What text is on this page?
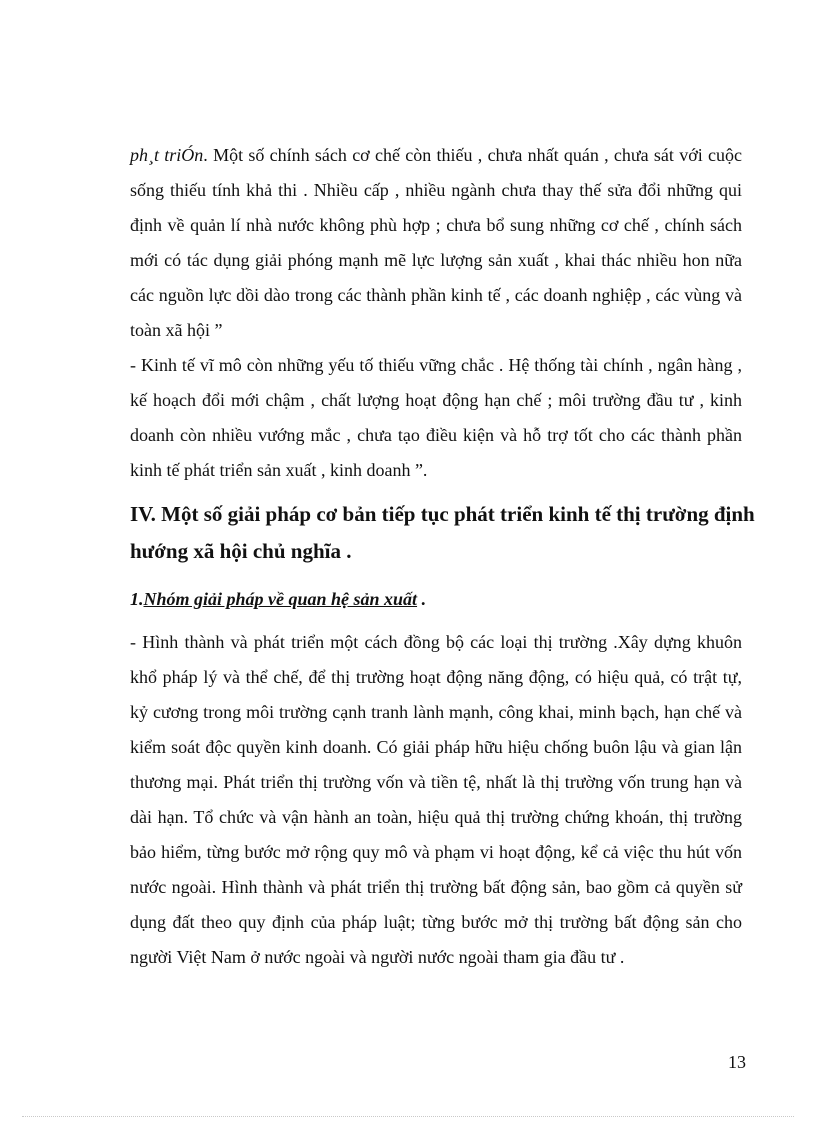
ph¸t triÓn. Một số chính sách cơ chế còn thiếu , chưa nhất quán , chưa sát với cuộc sống thiếu tính khả thi . Nhiều cấp , nhiều ngành chưa thay thế sửa đổi những qui định về quản lí nhà nước không phù hợp ; chưa bổ sung những cơ chế , chính sách mới có tác dụng giải phóng mạnh mẽ lực lượng sản xuất , khai thác nhiều hon nữa các nguồn lực dồi dào trong các thành phần kinh tế , các doanh nghiệp , các vùng và toàn xã hội ”

- Kinh tế vĩ mô còn những yếu tố thiếu vững chắc . Hệ thống tài chính , ngân hàng , kế hoạch đổi mới chậm , chất lượng hoạt động hạn chế ; môi trường đầu tư , kinh doanh còn nhiều vướng mắc , chưa tạo điều kiện và hỗ trợ tốt cho các thành phần kinh tế phát triển sản xuất , kinh doanh ”.

IV. Một số giải pháp cơ bản tiếp tục phát triển kinh tế thị trường định hướng xã hội chủ nghĩa .

1.Nhóm giải pháp về quan hệ sản xuất .

- Hình thành và phát triển một cách đồng bộ các loại thị trường .Xây dựng khuôn khổ pháp lý và thể chế, để thị trường hoạt động năng động, có hiệu quả, có trật tự, kỷ cương trong môi trường cạnh tranh lành mạnh, công khai, minh bạch, hạn chế và kiểm soát độc quyền kinh doanh. Có giải pháp hữu hiệu chống buôn lậu và gian lận thương mại. Phát triển thị trường vốn và tiền tệ, nhất là thị trường vốn trung hạn và dài hạn. Tổ chức và vận hành an toàn, hiệu quả thị trường chứng khoán, thị trường bảo hiểm, từng bước mở rộng quy mô và phạm vi hoạt động, kể cả việc thu hút vốn nước ngoài. Hình thành và phát triển thị trường bất động sản, bao gồm cả quyền sử dụng đất theo quy định của pháp luật; từng bước mở thị trường bất động sản cho người Việt Nam ở nước ngoài và người nước ngoài tham gia đầu tư .

13
